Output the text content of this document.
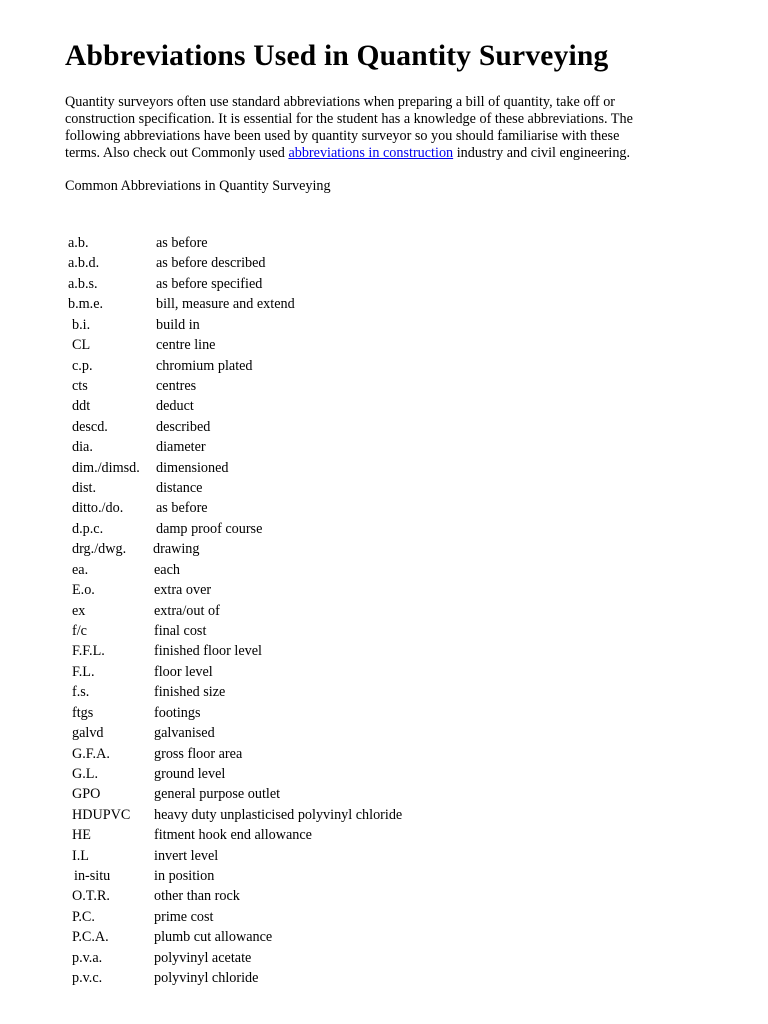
Abbreviations Used in Quantity Surveying

Quantity surveyors often use standard abbreviations when preparing a bill of quantity, take off or

construction specification. It is essential for the student has a knowledge of these abbreviations. The

following abbreviations have been used by quantity surveyor so you should familiarise with these

terms. Also check out Commonly used abbreviations in construction industry and civil engineering.

Common Abbreviations in Quantity Surveying
a.b.	as before
a.b.d.	as before described
a.b.s.	as before specified
b.m.e.	bill, measure and extend
b.i.	build in
CL	centre line
c.p.	chromium plated
cts	centres
ddt	deduct
descd.	described
dia.	diameter
dim./dimsd. dimensioned
dist.	distance
ditto./do. as before
d.p.c.	damp proof course
drg./dwg. drawing
ea.	each
E.o.	extra over
ex	extra/out of
f/c	final cost
F.F.L.	finished floor level
F.L.	floor level
f.s.	finished size
ftgs	footings
galvd	galvanised
G.F.A.	gross floor area
G.L.	ground level
GPO	general purpose outlet
HDUPVC heavy duty unplasticised polyvinyl chloride
HE	fitment hook end allowance
I.L	invert level
in-situ	in position
O.T.R.	other than rock
P.C.	prime cost
P.C.A.	plumb cut allowance
p.v.a.	polyvinyl acetate
p.v.c.	polyvinyl chloride
